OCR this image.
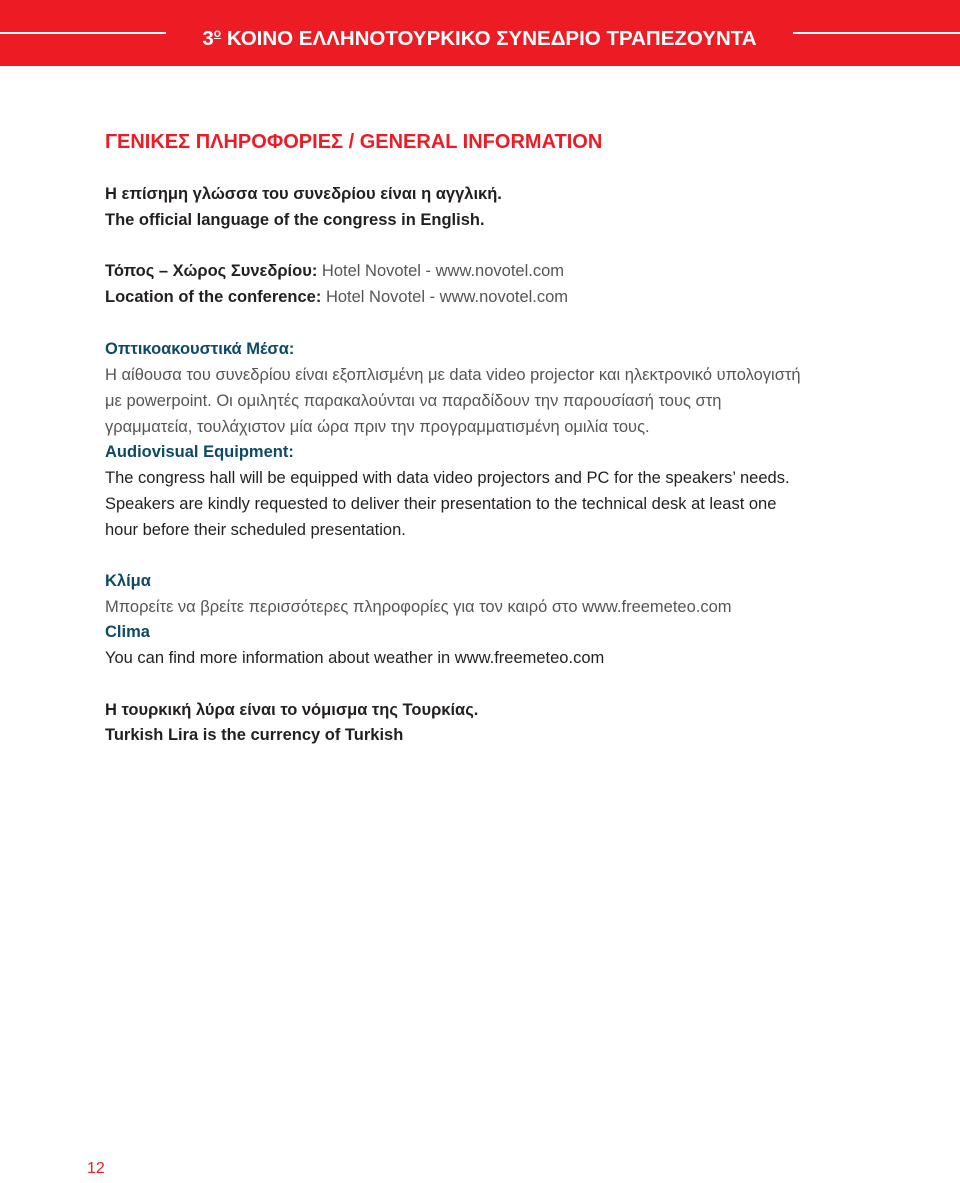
$3^o$ ΚΟΙΝΟ ΕΛΛΗΝΟΤΟΥΡΚΙΚΟ ΣΥΝΕΔΡΙΟ ΤΡΑΠΕΖΟΥΝΤΑ
ΓΕΝΙΚΕΣ ΠΛΗΡΟΦΟΡΙΕΣ / GENERAL INFORMATION
Η επίσημη γλώσσα του συνεδρίου είναι η αγγλική.
The official language of the congress in English.
Τόπος – Χώρος Συνεδρίου: Hotel Novotel - www.novotel.com
Location of the conference: Hotel Novotel - www.novotel.com
Οπτικοακουστικά Μέσα:
Η αίθουσα του συνεδρίου είναι εξοπλισμένη με data video projector και ηλεκτρονικό υπολογιστή
με powerpoint. Οι ομιλητές παρακαλούνται να παραδίδουν την παρουσίασή τους στη
γραμματεία, τουλάχιστον μία ώρα πριν την προγραμματισμένη ομιλία τους.
Audiovisual Equipment:
The congress hall will be equipped with data video projectors and PC for the speakers’ needs.
Speakers are kindly requested to deliver their presentation to the technical desk at least one
hour before their scheduled presentation.
Κλίμα
Μπορείτε να βρείτε περισσότερες πληροφορίες για τον καιρό στο www.freemeteo.com
Clima
You can find more information about weather in www.freemeteo.com
Η τουρκική λύρα είναι το νόμισμα της Τουρκίας.
Turkish Lira is the currency of Turkish
12
